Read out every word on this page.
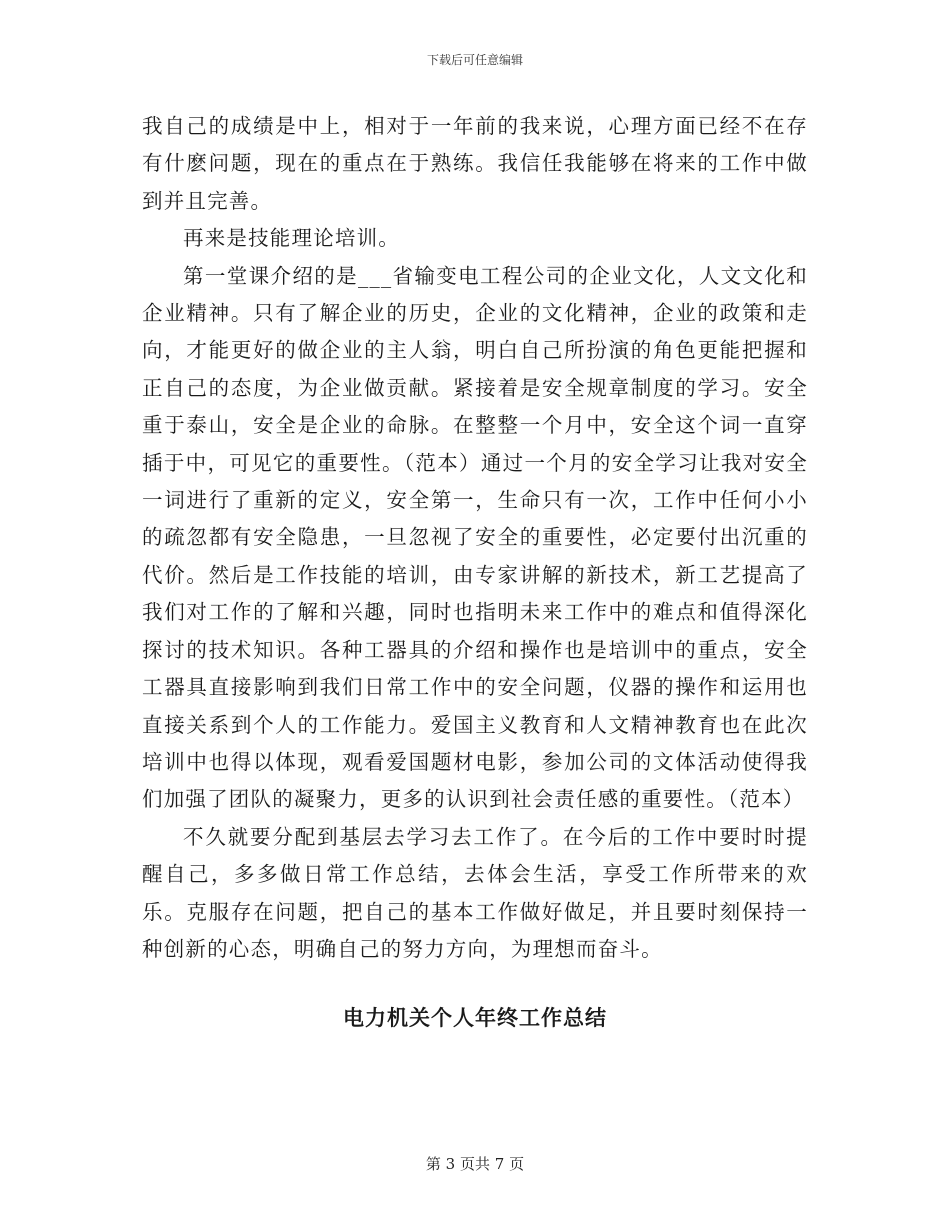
下载后可任意编辑

我自己的成绩是中上，相对于一年前的我来说，心理方面已经不在存有什麽问题，现在的重点在于熟练。我信任我能够在将来的工作中做到并且完善。

再来是技能理论培训。

第一堂课介绍的是___省输变电工程公司的企业文化，人文文化和企业精神。只有了解企业的历史，企业的文化精神，企业的政策和走向，才能更好的做企业的主人翁，明白自己所扮演的角色更能把握和正自己的态度，为企业做贡献。紧接着是安全规章制度的学习。安全重于泰山，安全是企业的命脉。在整整一个月中，安全这个词一直穿插于中，可见它的重要性。（范本）通过一个月的安全学习让我对安全一词进行了重新的定义，安全第一，生命只有一次，工作中任何小小的疏忽都有安全隐患，一旦忽视了安全的重要性，必定要付出沉重的代价。然后是工作技能的培训，由专家讲解的新技术，新工艺提高了我们对工作的了解和兴趣，同时也指明未来工作中的难点和值得深化探讨的技术知识。各种工器具的介绍和操作也是培训中的重点，安全工器具直接影响到我们日常工作中的安全问题，仪器的操作和运用也直接关系到个人的工作能力。爱国主义教育和人文精神教育也在此次培训中也得以体现，观看爱国题材电影，参加公司的文体活动使得我们加强了团队的凝聚力，更多的认识到社会责任感的重要性。（范本）

不久就要分配到基层去学习去工作了。在今后的工作中要时时提醒自己，多多做日常工作总结，去体会生活，享受工作所带来的欢乐。克服存在问题，把自己的基本工作做好做足，并且要时刻保持一种创新的心态，明确自己的努力方向，为理想而奋斗。

电力机关个人年终工作总结
第 3 页共 7 页
